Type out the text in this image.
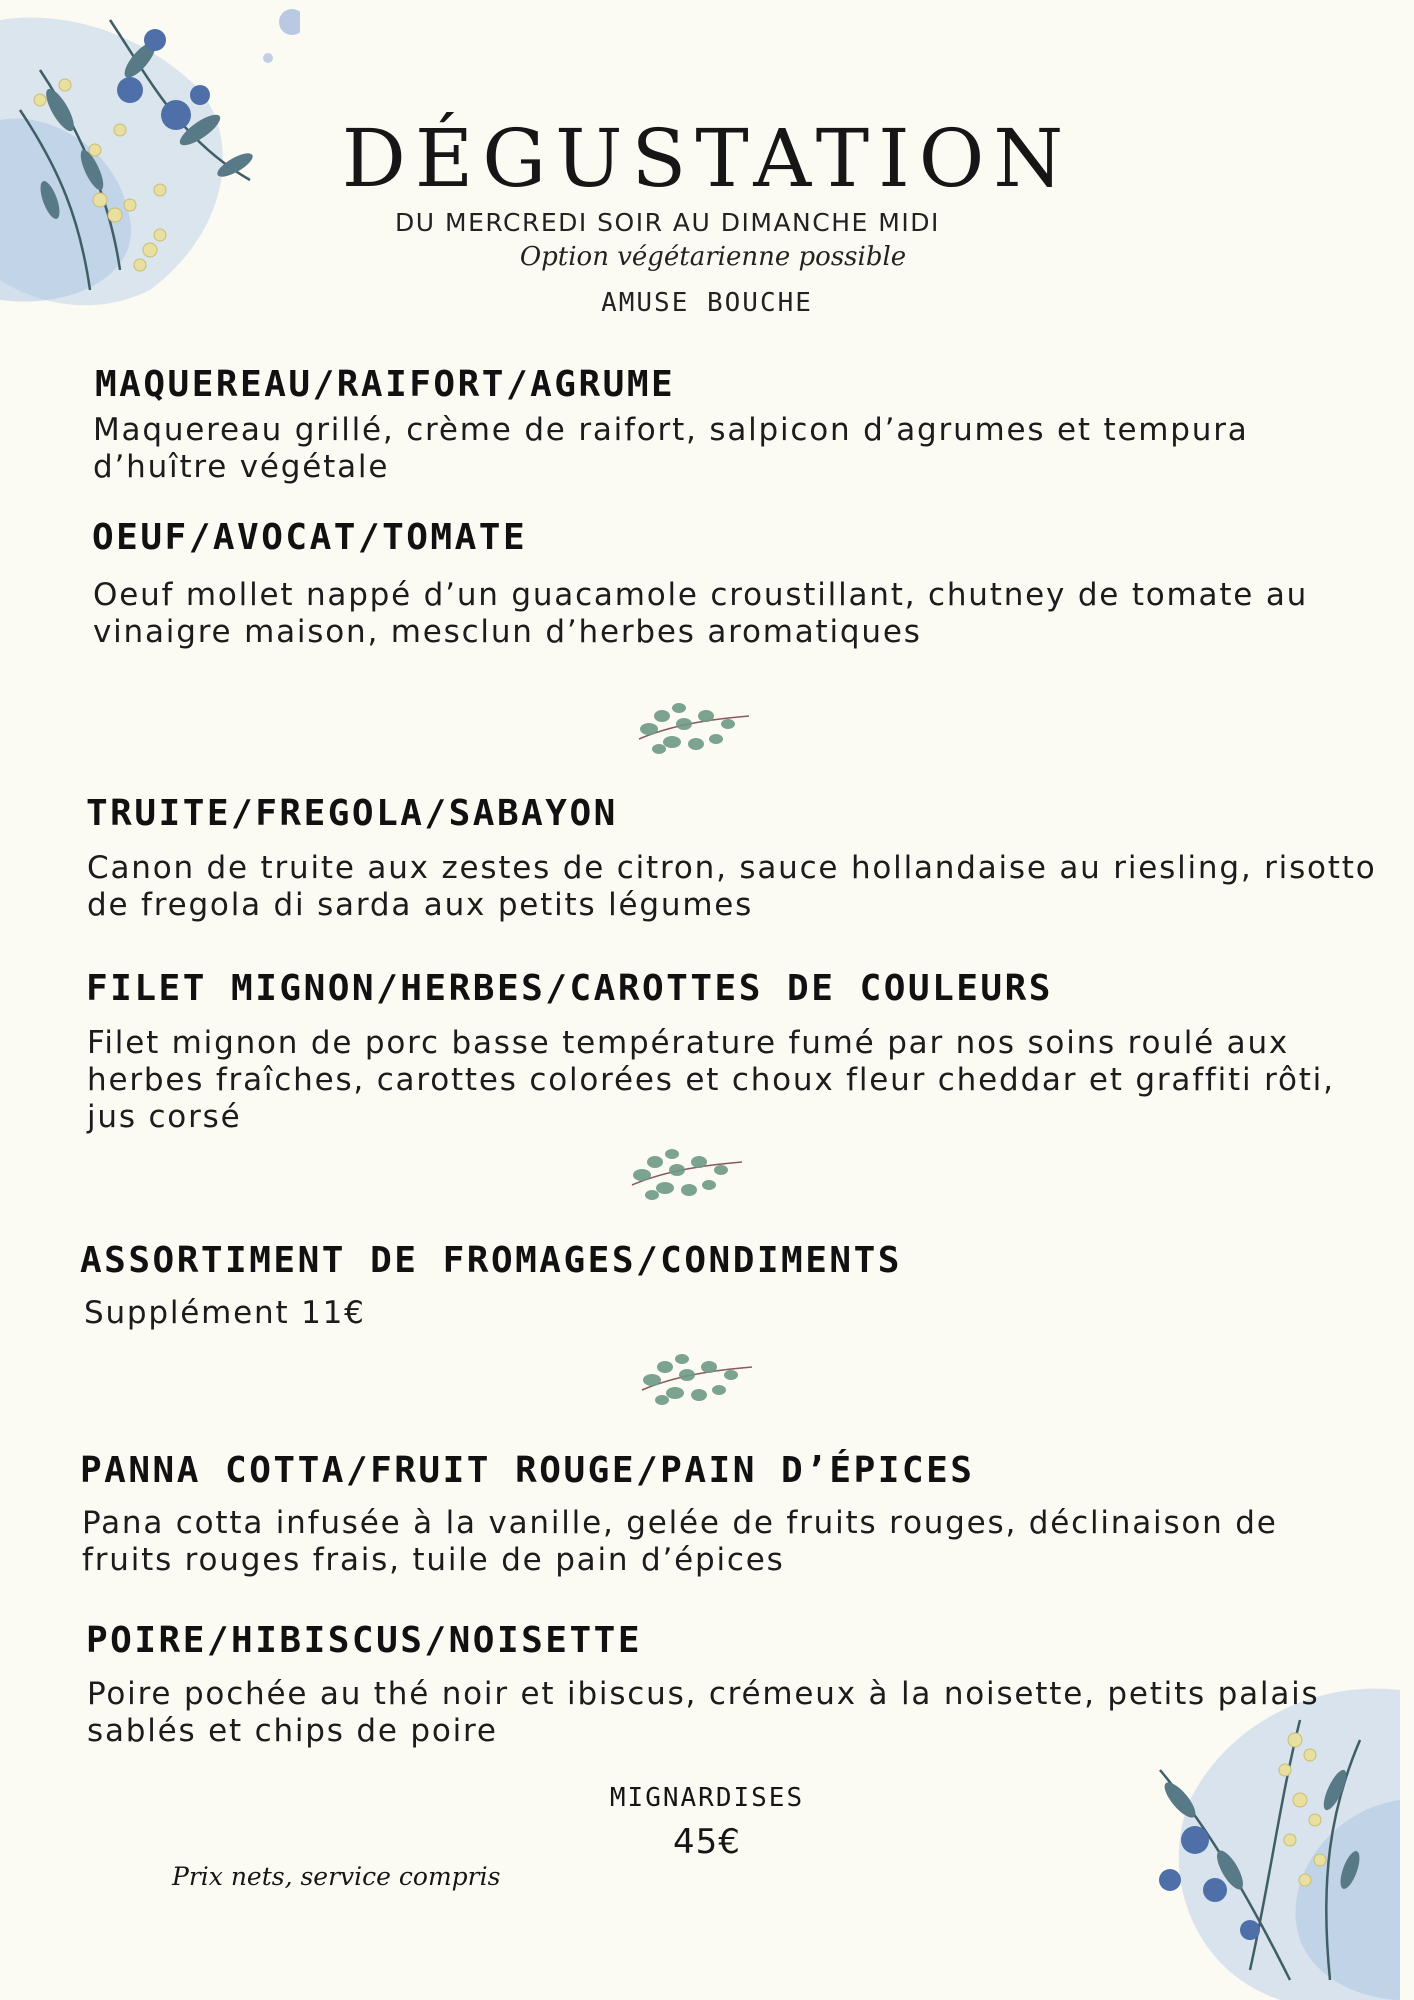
DÉGUSTATION
DU MERCREDI SOIR AU DIMANCHE MIDI
Option végétarienne possible
AMUSE BOUCHE
MAQUEREAU/RAIFORT/AGRUME
Maquereau grillé, crème de raifort, salpicon d’agrumes et tempura d’huître végétale
OEUF/AVOCAT/TOMATE
Oeuf mollet nappé d’un guacamole croustillant, chutney de tomate au vinaigre maison, mesclun d’herbes aromatiques
TRUITE/FREGOLA/SABAYON
Canon de truite aux zestes de citron, sauce hollandaise au riesling, risotto de fregola di sarda aux petits légumes
FILET MIGNON/HERBES/CAROTTES DE COULEURS
Filet mignon de porc basse température fumé par nos soins roulé aux herbes fraîches, carottes colorées et choux fleur cheddar et graffiti rôti, jus corsé
ASSORTIMENT DE FROMAGES/CONDIMENTS
Supplément 11€
PANNA COTTA/FRUIT ROUGE/PAIN D’ÉPICES
Pana cotta infusée à la vanille, gelée de fruits rouges, déclinaison de fruits rouges frais, tuile de pain d’épices
POIRE/HIBISCUS/NOISETTE
Poire pochée au thé noir et ibiscus, crémeux à la noisette, petits palais sablés et chips de poire
MIGNARDISES
45€
Prix nets, service compris
